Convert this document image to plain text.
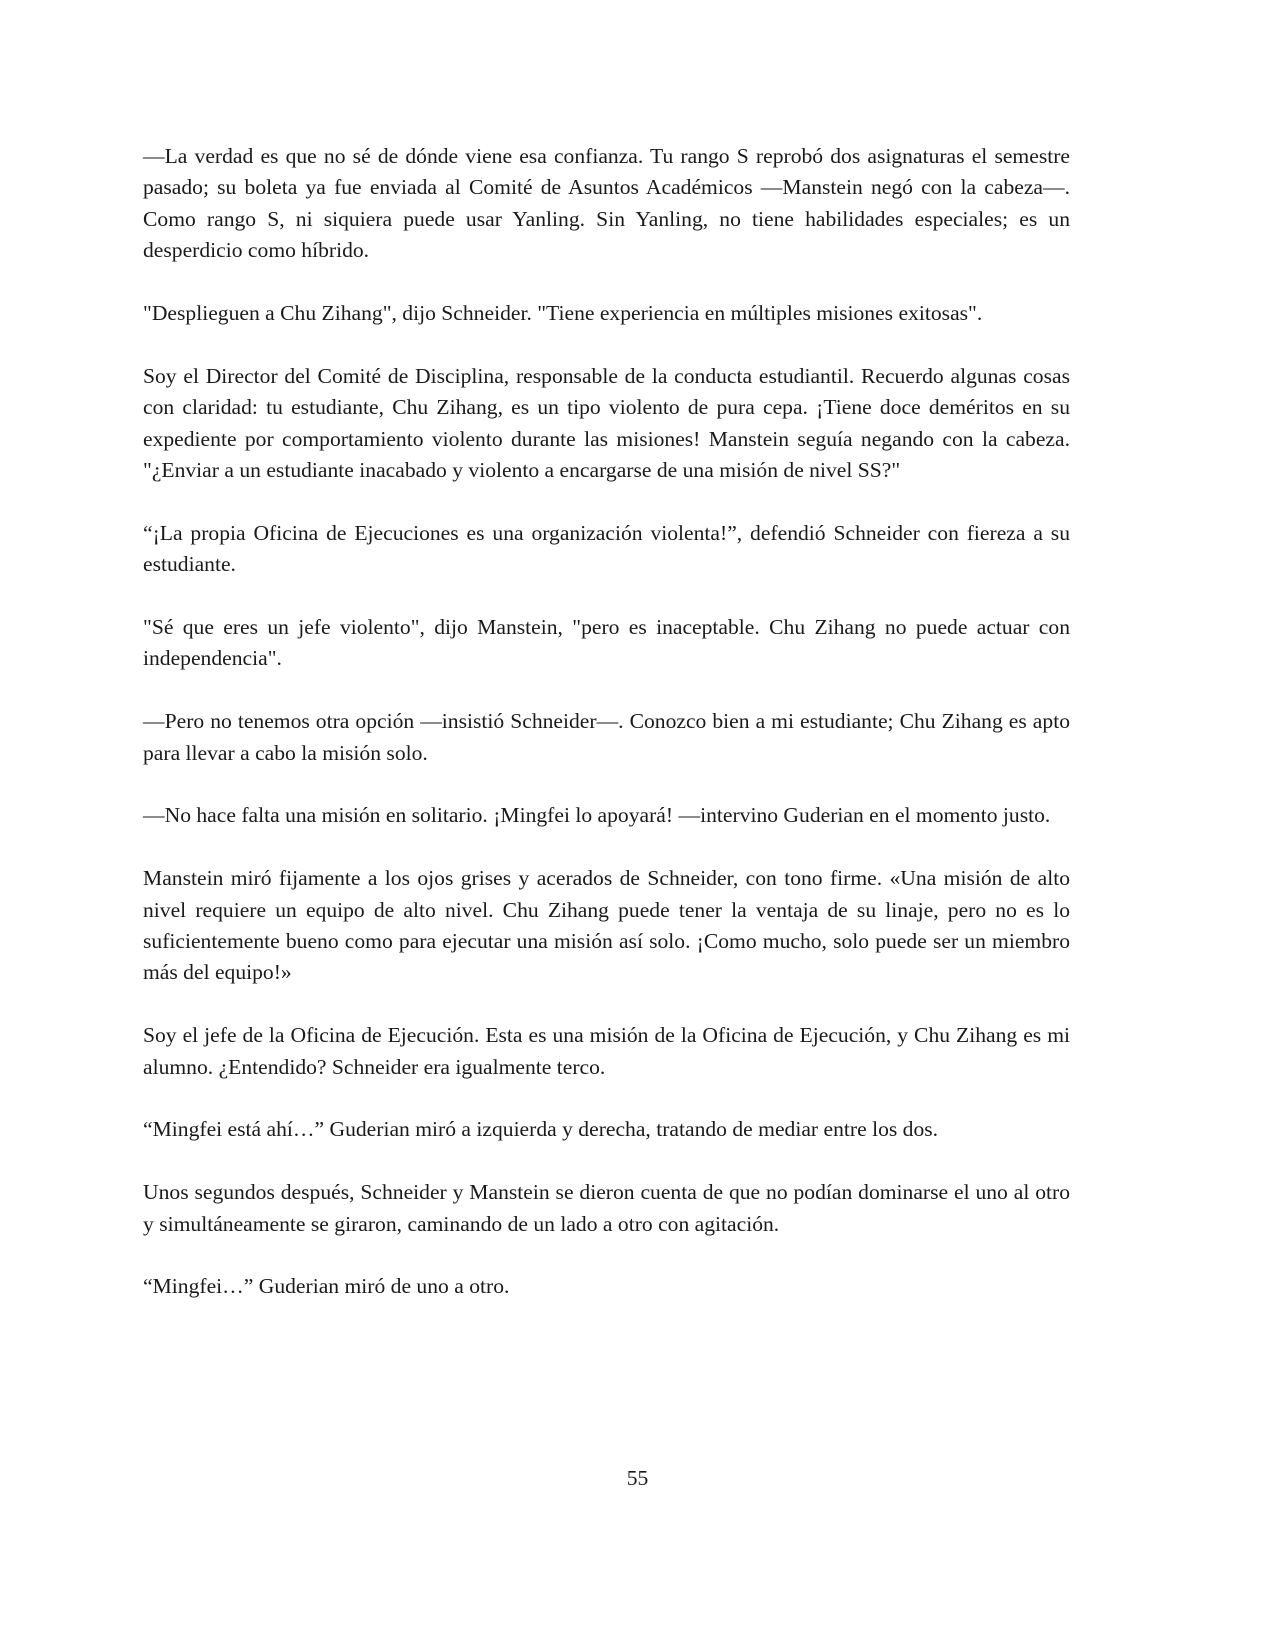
—La verdad es que no sé de dónde viene esa confianza. Tu rango S reprobó dos asignaturas el semestre pasado; su boleta ya fue enviada al Comité de Asuntos Académicos —Manstein negó con la cabeza—. Como rango S, ni siquiera puede usar Yanling. Sin Yanling, no tiene habilidades especiales; es un desperdicio como híbrido.

"Desplieguen a Chu Zihang", dijo Schneider. "Tiene experiencia en múltiples misiones exitosas".

Soy el Director del Comité de Disciplina, responsable de la conducta estudiantil. Recuerdo algunas cosas con claridad: tu estudiante, Chu Zihang, es un tipo violento de pura cepa. ¡Tiene doce deméritos en su expediente por comportamiento violento durante las misiones! Manstein seguía negando con la cabeza. "¿Enviar a un estudiante inacabado y violento a encargarse de una misión de nivel SS?"

“¡La propia Oficina de Ejecuciones es una organización violenta!”, defendió Schneider con fiereza a su estudiante.

"Sé que eres un jefe violento", dijo Manstein, "pero es inaceptable. Chu Zihang no puede actuar con independencia".

—Pero no tenemos otra opción —insistió Schneider—. Conozco bien a mi estudiante; Chu Zihang es apto para llevar a cabo la misión solo.

—No hace falta una misión en solitario. ¡Mingfei lo apoyará! —intervino Guderian en el momento justo.

Manstein miró fijamente a los ojos grises y acerados de Schneider, con tono firme. «Una misión de alto nivel requiere un equipo de alto nivel. Chu Zihang puede tener la ventaja de su linaje, pero no es lo suficientemente bueno como para ejecutar una misión así solo. ¡Como mucho, solo puede ser un miembro más del equipo!»

Soy el jefe de la Oficina de Ejecución. Esta es una misión de la Oficina de Ejecución, y Chu Zihang es mi alumno. ¿Entendido? Schneider era igualmente terco.

“Mingfei está ahí…” Guderian miró a izquierda y derecha, tratando de mediar entre los dos.

Unos segundos después, Schneider y Manstein se dieron cuenta de que no podían dominarse el uno al otro y simultáneamente se giraron, caminando de un lado a otro con agitación.

“Mingfei…” Guderian miró de uno a otro.

55
